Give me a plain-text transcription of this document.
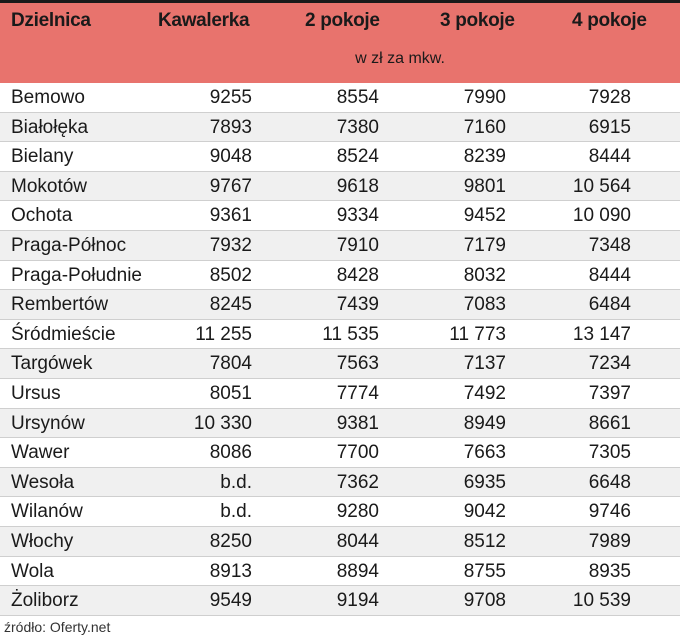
Dzielnica	Kawalerka	2 pokoje	3 pokoje	4 pokoje
w zł za mkw.
Bemowo	9255	8554	7990	7928
Białołęka	7893	7380	7160	6915
Bielany	9048	8524	8239	8444
Mokotów	9767	9618	9801	10 564
Ochota	9361	9334	9452	10 090
Praga-Północ	7932	7910	7179	7348
Praga-Południe	8502	8428	8032	8444
Rembertów	8245	7439	7083	6484
Śródmieście	11 255	11 535	11 773	13 147
Targówek	7804	7563	7137	7234
Ursus	8051	7774	7492	7397
Ursynów	10 330	9381	8949	8661
Wawer	8086	7700	7663	7305
Wesoła	b.d.	7362	6935	6648
Wilanów	b.d.	9280	9042	9746
Włochy	8250	8044	8512	7989
Wola	8913	8894	8755	8935
Żoliborz	9549	9194	9708	10 539
źródło: Oferty.net
